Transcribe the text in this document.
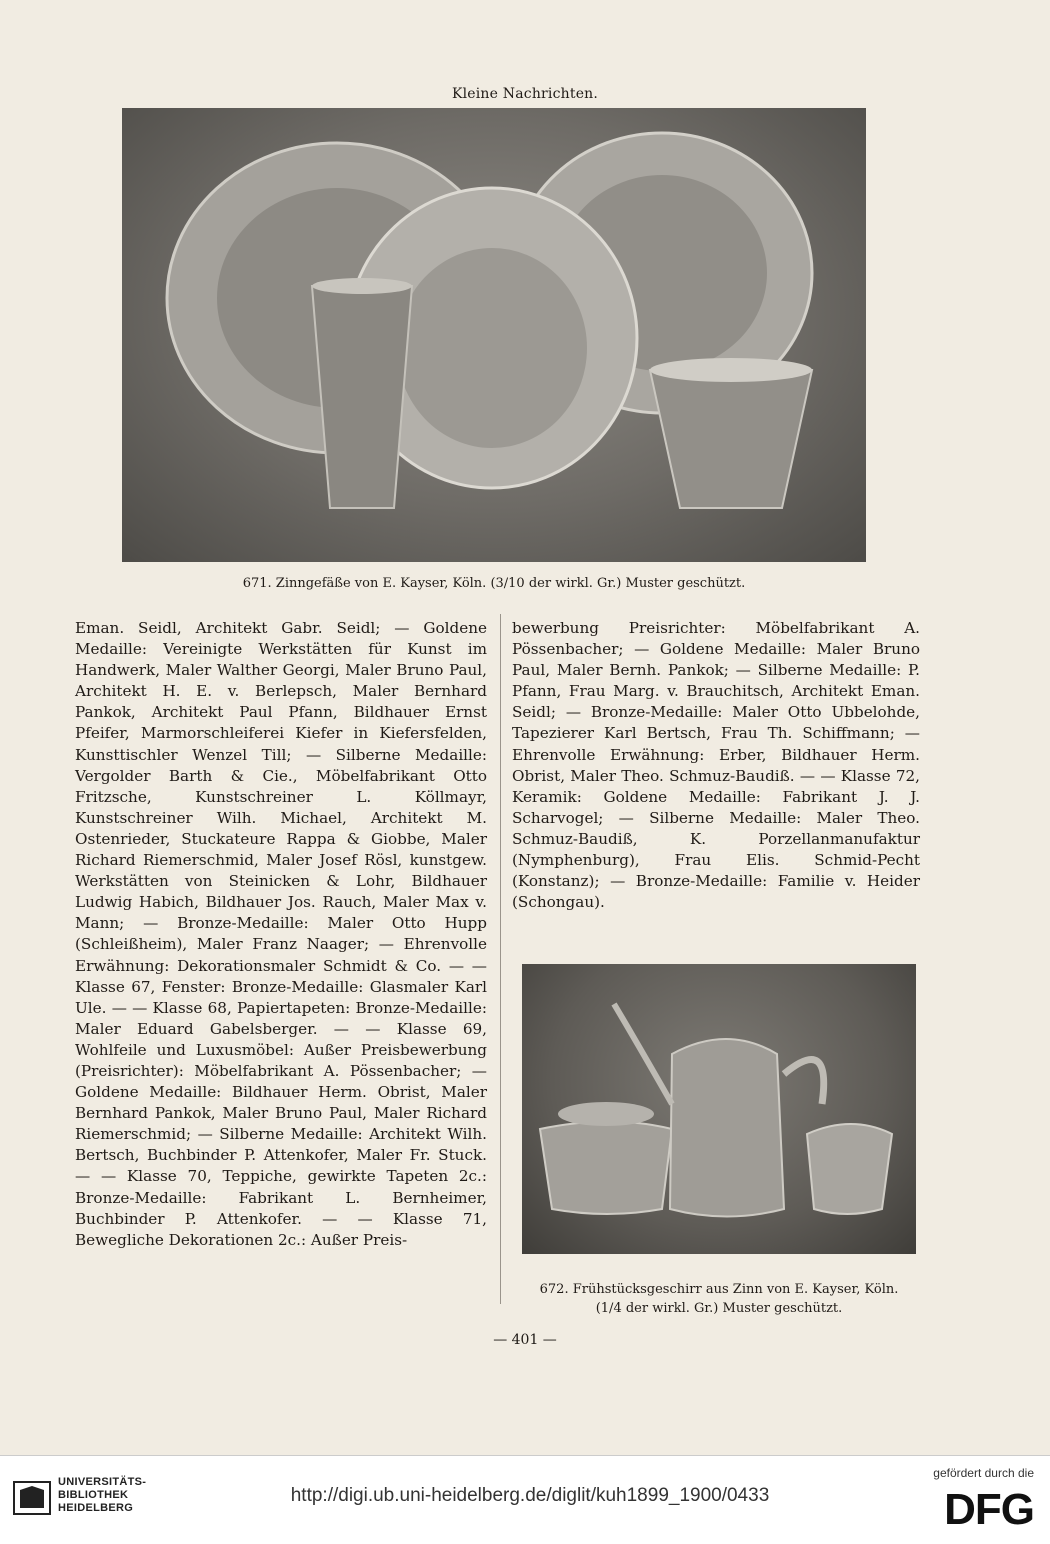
Kleine Nachrichten.
671. Zinngefäße von E. Kayser, Köln. (3/10 der wirkl. Gr.) Muster geschützt.
Eman. Seidl, Architekt Gabr. Seidl; — Goldene Medaille: Vereinigte Werkstätten für Kunst im Handwerk, Maler Walther Georgi, Maler Bruno Paul, Architekt H. E. v. Berlepsch, Maler Bernhard Pankok, Architekt Paul Pfann, Bildhauer Ernst Pfeifer, Marmorschleiferei Kiefer in Kiefersfelden, Kunsttischler Wenzel Till; — Silberne Medaille: Vergolder Barth & Cie., Möbelfabrikant Otto Fritzsche, Kunstschreiner L. Köllmayr, Kunstschreiner Wilh. Michael, Architekt M. Ostenrieder, Stuckateure Rappa & Giobbe, Maler Richard Riemerschmid, Maler Josef Rösl, kunstgew. Werkstätten von Steinicken & Lohr, Bildhauer Ludwig Habich, Bildhauer Jos. Rauch, Maler Max v. Mann; — Bronze-Medaille: Maler Otto Hupp (Schleißheim), Maler Franz Naager; — Ehrenvolle Erwähnung: Dekorationsmaler Schmidt & Co. — — Klasse 67, Fenster: Bronze-Medaille: Glasmaler Karl Ule. — — Klasse 68, Papiertapeten: Bronze-Medaille: Maler Eduard Gabelsberger. — — Klasse 69, Wohlfeile und Luxusmöbel: Außer Preisbewerbung (Preisrichter): Möbelfabrikant A. Pössenbacher; — Goldene Medaille: Bildhauer Herm. Obrist, Maler Bernhard Pankok, Maler Bruno Paul, Maler Richard Riemerschmid; — Silberne Medaille: Architekt Wilh. Bertsch, Buchbinder P. Attenkofer, Maler Fr. Stuck. — — Klasse 70, Teppiche, gewirkte Tapeten 2c.: Bronze-Medaille: Fabrikant L. Bernheimer, Buchbinder P. Attenkofer. — — Klasse 71, Bewegliche Dekorationen 2c.: Außer Preis-
bewerbung Preisrichter: Möbelfabrikant A. Pössenbacher; — Goldene Medaille: Maler Bruno Paul, Maler Bernh. Pankok; — Silberne Medaille: P. Pfann, Frau Marg. v. Brauchitsch, Architekt Eman. Seidl; — Bronze-Medaille: Maler Otto Ubbelohde, Tapezierer Karl Bertsch, Frau Th. Schiffmann; — Ehrenvolle Erwähnung: Erber, Bildhauer Herm. Obrist, Maler Theo. Schmuz-Baudiß. — — Klasse 72, Keramik: Goldene Medaille: Fabrikant J. J. Scharvogel; — Silberne Medaille: Maler Theo. Schmuz-Baudiß, K. Porzellanmanufaktur (Nymphenburg), Frau Elis. Schmid-Pecht (Konstanz); — Bronze-Medaille: Familie v. Heider (Schongau).
672. Frühstücksgeschirr aus Zinn von E. Kayser, Köln.
(1/4 der wirkl. Gr.) Muster geschützt.
— 401 —
UNIVERSITÄTS-
BIBLIOTHEK
HEIDELBERG
http://digi.ub.uni-heidelberg.de/diglit/kuh1899_1900/0433
gefördert durch die
DFG
